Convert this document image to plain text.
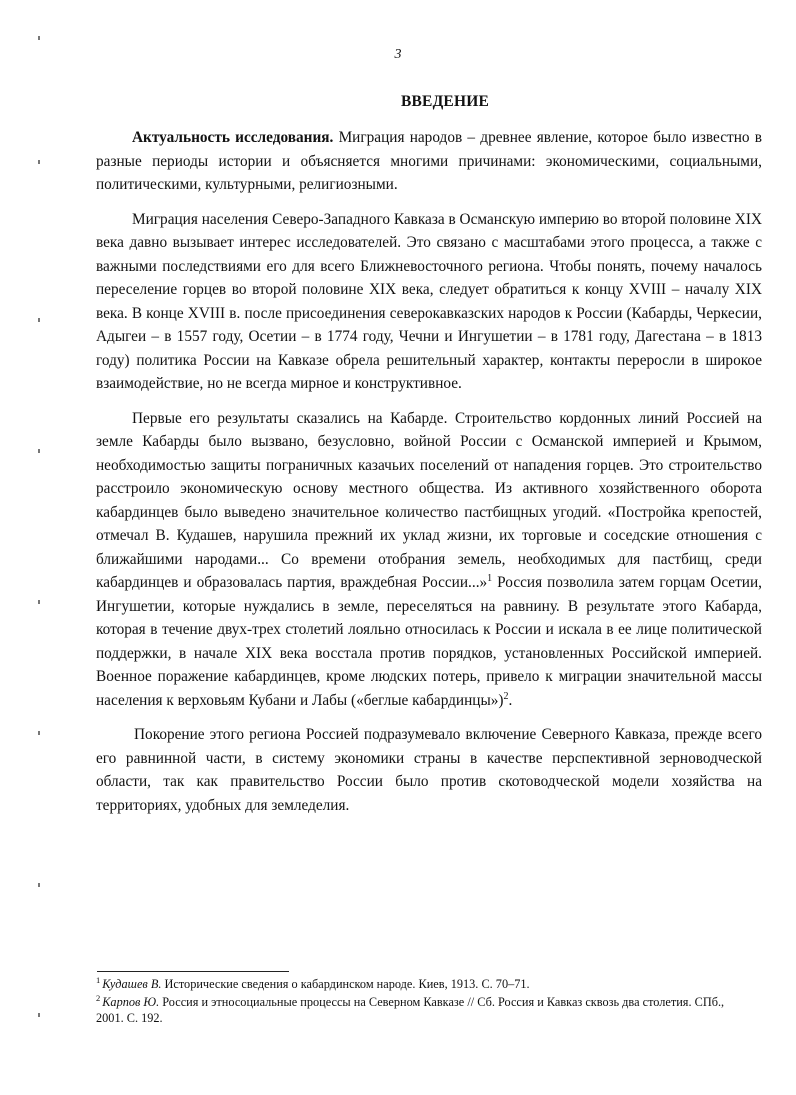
3
ВВЕДЕНИЕ

Актуальность исследования. Миграция народов – древнее явление, которое было известно в разные периоды истории и объясняется многими причинами: экономическими, социальными, политическими, культурными, религиозными.

Миграция населения Северо-Западного Кавказа в Османскую империю во второй половине XIX века давно вызывает интерес исследователей. Это связано с масштабами этого процесса, а также с важными последствиями его для всего Ближневосточного региона. Чтобы понять, почему началось переселение горцев во второй половине XIX века, следует обратиться к концу XVIII – началу XIX века. В конце XVIII в. после присоединения северокавказских народов к России (Кабарды, Черкесии, Адыгеи – в 1557 году, Осетии – в 1774 году, Чечни и Ингушетии – в 1781 году, Дагестана – в 1813 году) политика России на Кавказе обрела решительный характер, контакты переросли в широкое взаимодействие, но не всегда мирное и конструктивное.

Первые его результаты сказались на Кабарде. Строительство кордонных линий Россией на земле Кабарды было вызвано, безусловно, войной России с Османской империей и Крымом, необходимостью защиты пограничных казачьих поселений от нападения горцев. Это строительство расстроило экономическую основу местного общества. Из активного хозяйственного оборота кабардинцев было выведено значительное количество пастбищных угодий. «Постройка крепостей, отмечал В. Кудашев, нарушила прежний их уклад жизни, их торговые и соседские отношения с ближайшими народами... Со времени отобрания земель, необходимых для пастбищ, среди кабардинцев и образовалась партия, враждебная России...»$^1$ Россия позволила затем горцам Осетии, Ингушетии, которые нуждались в земле, переселяться на равнину. В результате этого Кабарда, которая в течение двух-трех столетий лояльно относилась к России и искала в ее лице политической поддержки, в начале XIX века восстала против порядков, установленных Российской империей. Военное поражение кабардинцев, кроме людских потерь, привело к миграции значительной массы населения к верховьям Кубани и Лабы («беглые кабардинцы»)$^2$.

Покорение этого региона Россией подразумевало включение Северного Кавказа, прежде всего его равнинной части, в систему экономики страны в качестве перспективной зерноводческой области, так как правительство России было против скотоводческой модели хозяйства на территориях, удобных для земледелия.

$^1$ Кудашев В. Исторические сведения о кабардинском народе. Киев, 1913. С. 70–71.
$^2$ Карпов Ю. Россия и этносоциальные процессы на Северном Кавказе // Сб. Россия и Кавказ сквозь два столетия. СПб., 2001. С. 192.
